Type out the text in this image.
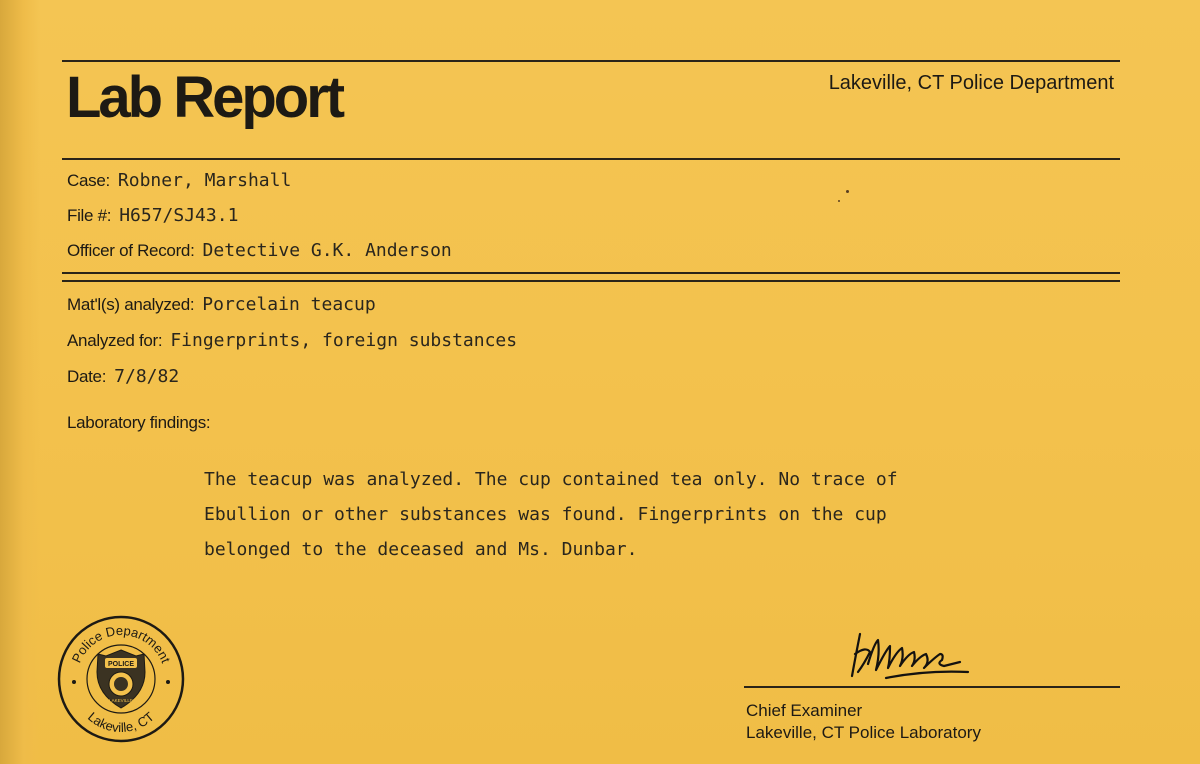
Lab Report	Lakeville, CT Police Department
Case: Robner, Marshall
File #: H657/SJ43.1
Officer of Record: Detective G.K. Anderson
Mat'l(s) analyzed: Porcelain teacup
Analyzed for: Fingerprints, foreign substances
Date: 7/8/82
Laboratory findings:

The teacup was analyzed. The cup contained tea only. No trace of

Ebullion or other substances was found. Fingerprints on the cup

belonged to the deceased and Ms. Dunbar.

Police Department
Lakeville, CT
POLICE
LAKEVILLE
Chief Examiner
Lakeville, CT Police Laboratory
